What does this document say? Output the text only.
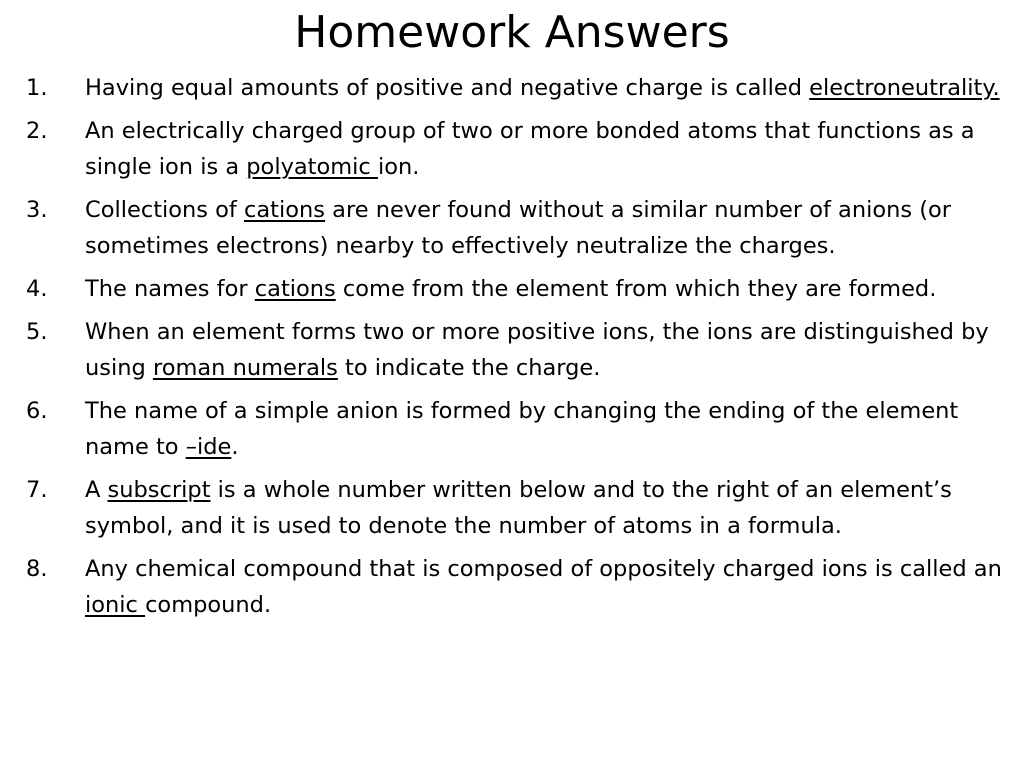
Homework Answers
1. Having equal amounts of positive and negative charge is called electroneutrality.
2. An electrically charged group of two or more bonded atoms that functions as a single ion is a polyatomic ion.
3. Collections of cations are never found without a similar number of anions (or sometimes electrons) nearby to effectively neutralize the charges.
4. The names for cations come from the element from which they are formed.
5. When an element forms two or more positive ions, the ions are distinguished by using roman numerals to indicate the charge.
6. The name of a simple anion is formed by changing the ending of the element name to –ide.
7. A subscript is a whole number written below and to the right of an element’s symbol, and it is used to denote the number of atoms in a formula.
8. Any chemical compound that is composed of oppositely charged ions is called an ionic compound.
